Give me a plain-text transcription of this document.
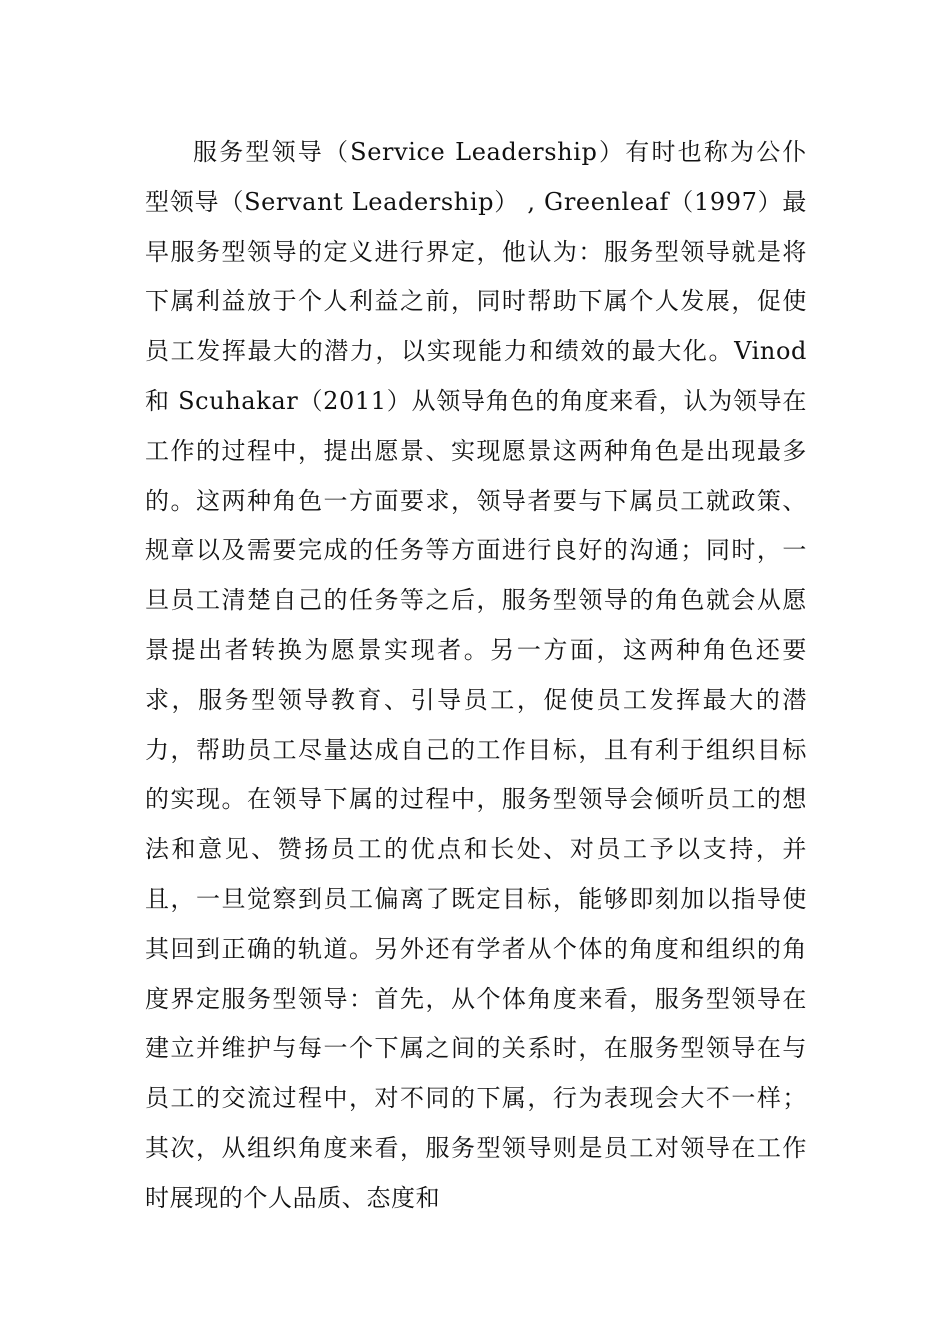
服务型领导（Service Leadership）有时也称为公仆型领导（Servant Leadership） , Greenleaf（1997）最早服务型领导的定义进行界定，他认为：服务型领导就是将下属利益放于个人利益之前，同时帮助下属个人发展，促使员工发挥最大的潜力，以实现能力和绩效的最大化。Vinod 和 Scuhakar（2011）从领导角色的角度来看，认为领导在工作的过程中，提出愿景、实现愿景这两种角色是出现最多的。这两种角色一方面要求，领导者要与下属员工就政策、规章以及需要完成的任务等方面进行良好的沟通；同时，一旦员工清楚自己的任务等之后，服务型领导的角色就会从愿景提出者转换为愿景实现者。另一方面，这两种角色还要求，服务型领导教育、引导员工，促使员工发挥最大的潜力，帮助员工尽量达成自己的工作目标，且有利于组织目标的实现。在领导下属的过程中，服务型领导会倾听员工的想法和意见、赞扬员工的优点和长处、对员工予以支持，并且，一旦觉察到员工偏离了既定目标，能够即刻加以指导使其回到正确的轨道。另外还有学者从个体的角度和组织的角度界定服务型领导：首先，从个体角度来看，服务型领导在建立并维护与每一个下属之间的关系时，在服务型领导在与员工的交流过程中，对不同的下属，行为表现会大不一样；其次，从组织角度来看，服务型领导则是员工对领导在工作时展现的个人品质、态度和
